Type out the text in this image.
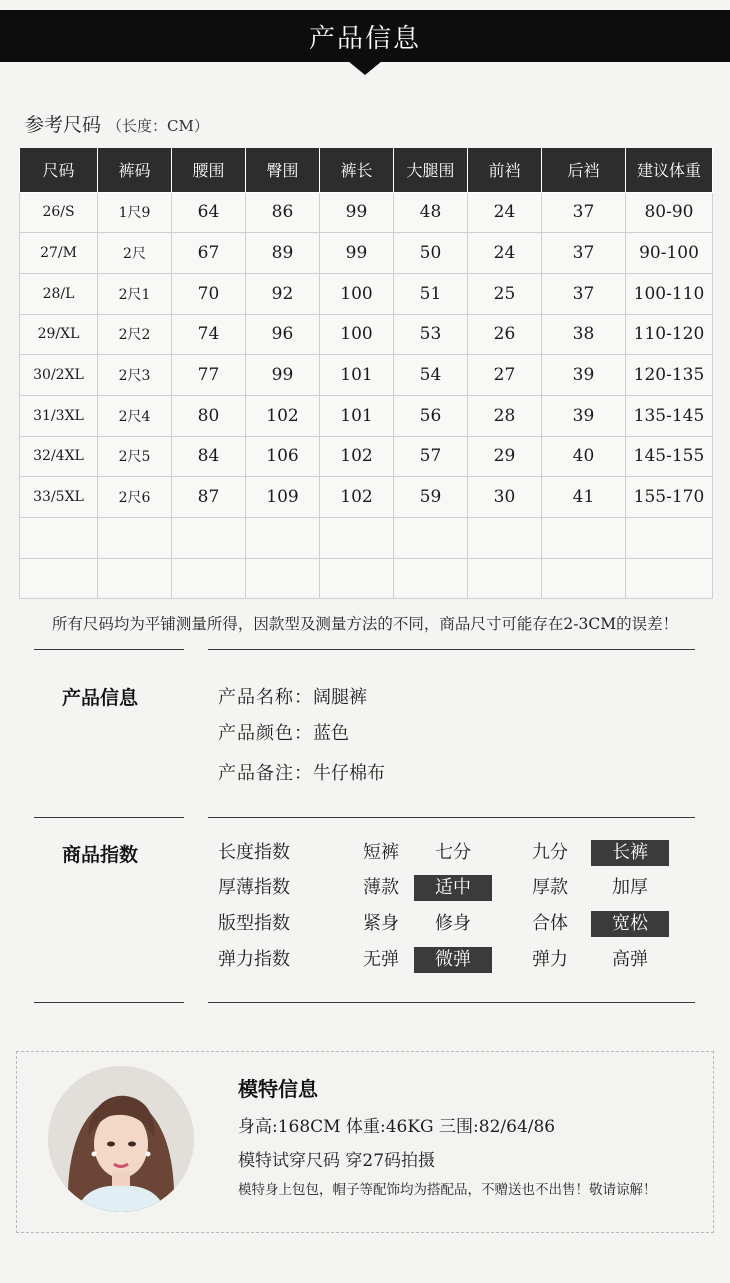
产品信息
参考尺码 （长度：CM）
尺码	裤码	腰围	臀围	裤长	大腿围	前裆	后裆	建议体重
26/S	1尺9	64	86	99	48	24	37	80-90
27/M	2尺	67	89	99	50	24	37	90-100
28/L	2尺1	70	92	100	51	25	37	100-110
29/XL	2尺2	74	96	100	53	26	38	110-120
30/2XL	2尺3	77	99	101	54	27	39	120-135
31/3XL	2尺4	80	102	101	56	28	39	135-145
32/4XL	2尺5	84	106	102	57	29	40	145-155
33/5XL	2尺6	87	109	102	59	30	41	155-170

所有尺码均为平铺测量所得，因款型及测量方法的不同，商品尺寸可能存在2-3CM的误差！
产品信息	产品名称：阔腿裤
产品颜色：蓝色
产品备注：牛仔棉布
商品指数	长度指数	短裤	七分	九分	长裤
厚薄指数	薄款	适中	厚款	加厚
版型指数	紧身	修身	合体	宽松
弹力指数	无弹	微弹	弹力	高弹
模特信息
身高:168CM 体重:46KG 三围:82/64/86
模特试穿尺码 穿27码拍摄
模特身上包包，帽子等配饰均为搭配品，不赠送也不出售！敬请谅解！
